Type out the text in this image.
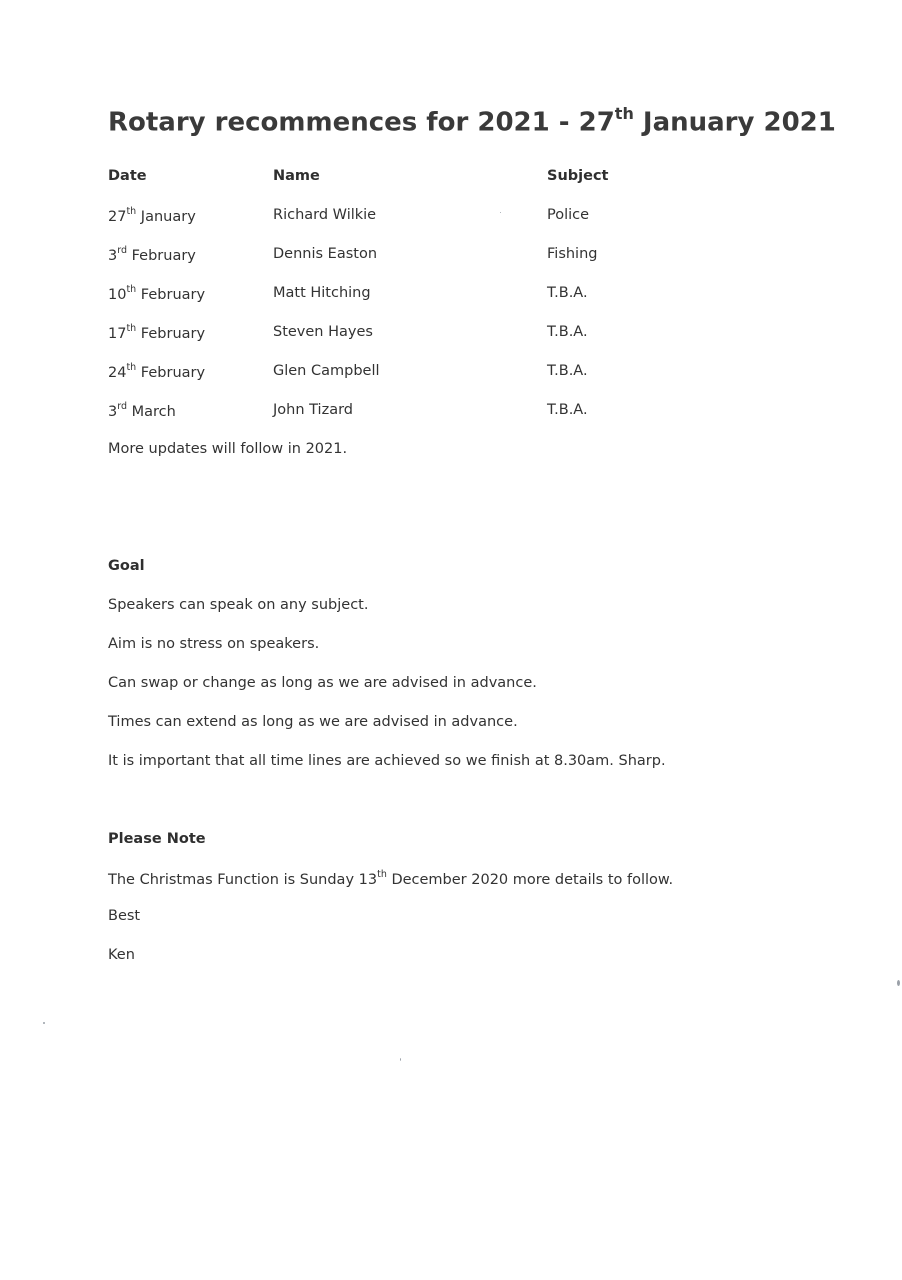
Rotary recommences for 2021 - 27th January 2021
Date	Name	Subject
27th January	Richard Wilkie	Police
3rd February	Dennis Easton	Fishing
10th February	Matt Hitching	T.B.A.
17th February	Steven Hayes	T.B.A.
24th February	Glen Campbell	T.B.A.
3rd March	John Tizard	T.B.A.
More updates will follow in 2021.
Goal
Speakers can speak on any subject.
Aim is no stress on speakers.
Can swap or change as long as we are advised in advance.
Times can extend as long as we are advised in advance.
It is important that all time lines are achieved so we finish at 8.30am. Sharp.
Please Note
The Christmas Function is Sunday 13th December 2020 more details to follow.
Best
Ken
